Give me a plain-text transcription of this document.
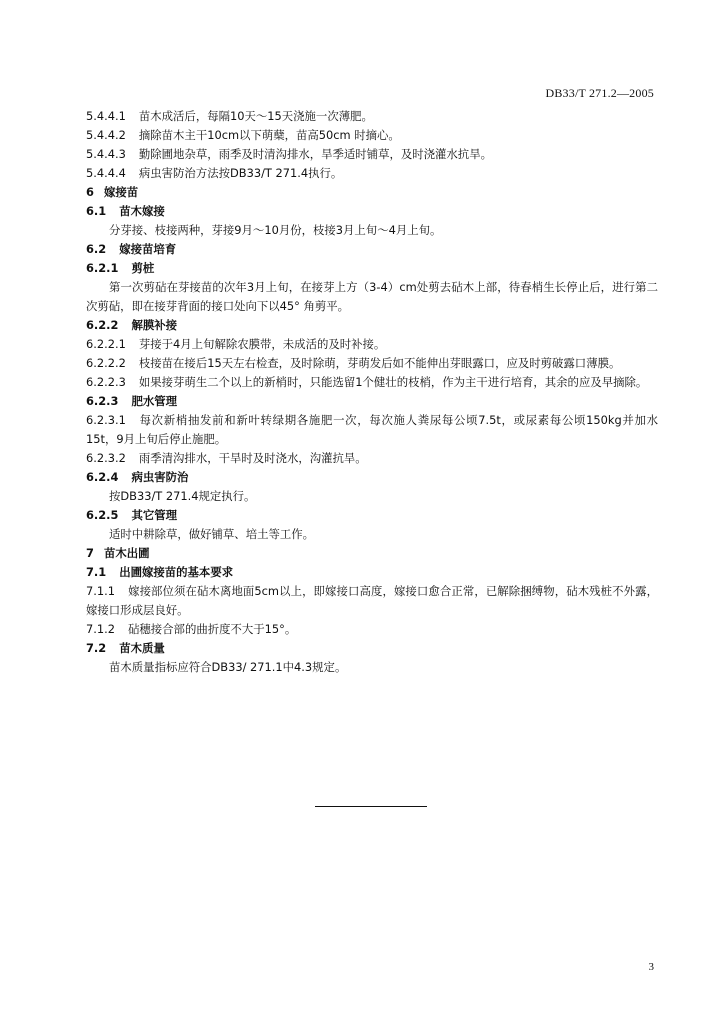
DB33/T 271.2—2005
5.4.4.1 苗木成活后，每隔10天～15天浇施一次薄肥。
5.4.4.2 摘除苗木主干10cm以下萌蘖，苗高50cm 时摘心。
5.4.4.3 勤除圃地杂草，雨季及时清沟排水，旱季适时铺草，及时浇灌水抗旱。
5.4.4.4 病虫害防治方法按DB33/T 271.4执行。
6 嫁接苗
6.1 苗木嫁接
分芽接、枝接两种，芽接9月～10月份，枝接3月上旬～4月上旬。
6.2 嫁接苗培育
6.2.1 剪桩
第一次剪砧在芽接苗的次年3月上旬，在接芽上方（3-4）cm处剪去砧木上部，待春梢生长停止后，进行第二次剪砧，即在接芽背面的接口处向下以45° 角剪平。
6.2.2 解膜补接
6.2.2.1 芽接于4月上旬解除农膜带，未成活的及时补接。
6.2.2.2 枝接苗在接后15天左右检查，及时除萌，芽萌发后如不能伸出芽眼露口，应及时剪破露口薄膜。
6.2.2.3 如果接芽萌生二个以上的新梢时，只能选留1个健壮的枝梢，作为主干进行培育，其余的应及早摘除。
6.2.3 肥水管理
6.2.3.1 每次新梢抽发前和新叶转绿期各施肥一次，每次施人粪尿每公顷7.5t，或尿素每公顷150kg并加水15t，9月上旬后停止施肥。
6.2.3.2 雨季清沟排水，干旱时及时浇水，沟灌抗旱。
6.2.4 病虫害防治
按DB33/T 271.4规定执行。
6.2.5 其它管理
适时中耕除草，做好铺草、培土等工作。
7 苗木出圃
7.1 出圃嫁接苗的基本要求
7.1.1 嫁接部位须在砧木离地面5cm以上，即嫁接口高度，嫁接口愈合正常，已解除捆缚物，砧木残桩不外露，嫁接口形成层良好。
7.1.2 砧穗接合部的曲折度不大于15°。
7.2 苗木质量
苗木质量指标应符合DB33/ 271.1中4.3规定。
3
